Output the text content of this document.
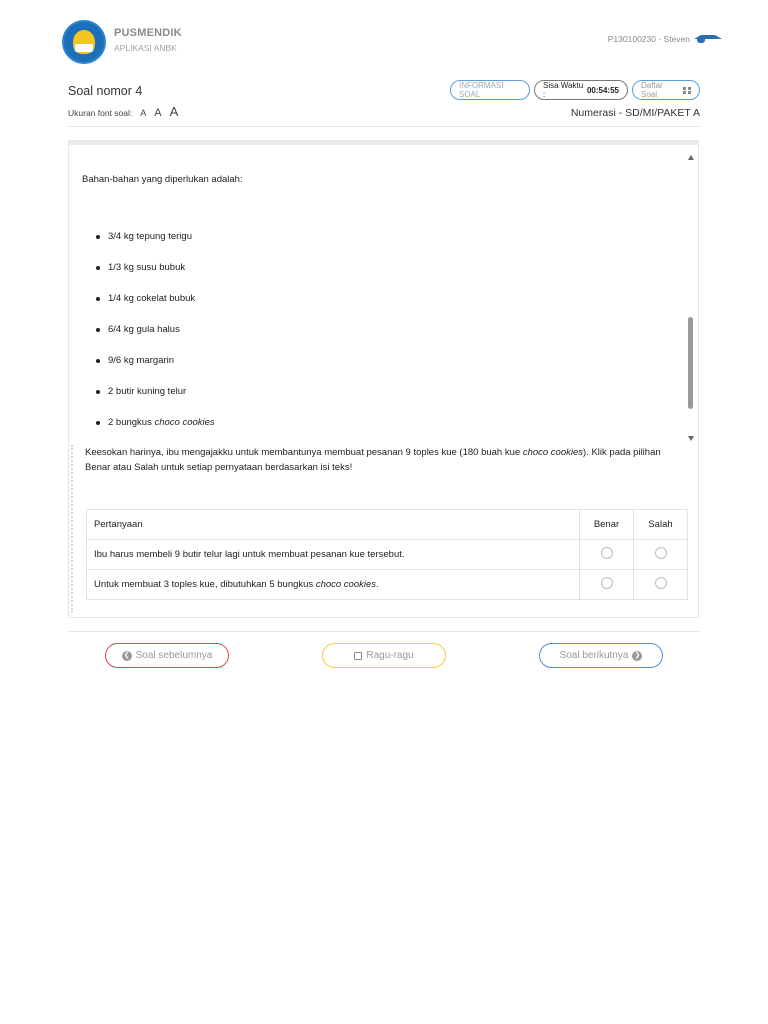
PUSMENDIK
APLIKASI ANBK
P130100230 - Steven
Soal nomor 4
Ukuran font soal: A A A
INFORMASI SOAL
Sisa Waktu :	00:54:55	Daftar Soal
Numerasi - SD/MI/PAKET A
Bahan-bahan yang diperlukan adalah:
3/4 kg tepung terigu
1/3 kg susu bubuk
1/4 kg cokelat bubuk
6/4 kg gula halus
9/6 kg margarin
2 butir kuning telur
2 bungkus
choco cookies
Keesokan harinya, ibu mengajakku untuk membantunya membuat pesanan 9 toples kue (180 buah kue choco cookies). Klik pada pilihan Benar atau Salah untuk setiap pernyataan berdasarkan isi teks!
Pertanyaan	Benar	Salah
Ibu harus membeli 9 butir telur lagi untuk membuat pesanan kue tersebut.		
Untuk membuat 3 toples kue, dibutuhkan 5 bungkus choco cookies.		
❮ Soal sebelumnya	Ragu-ragu	Soal berikutnya ❯
